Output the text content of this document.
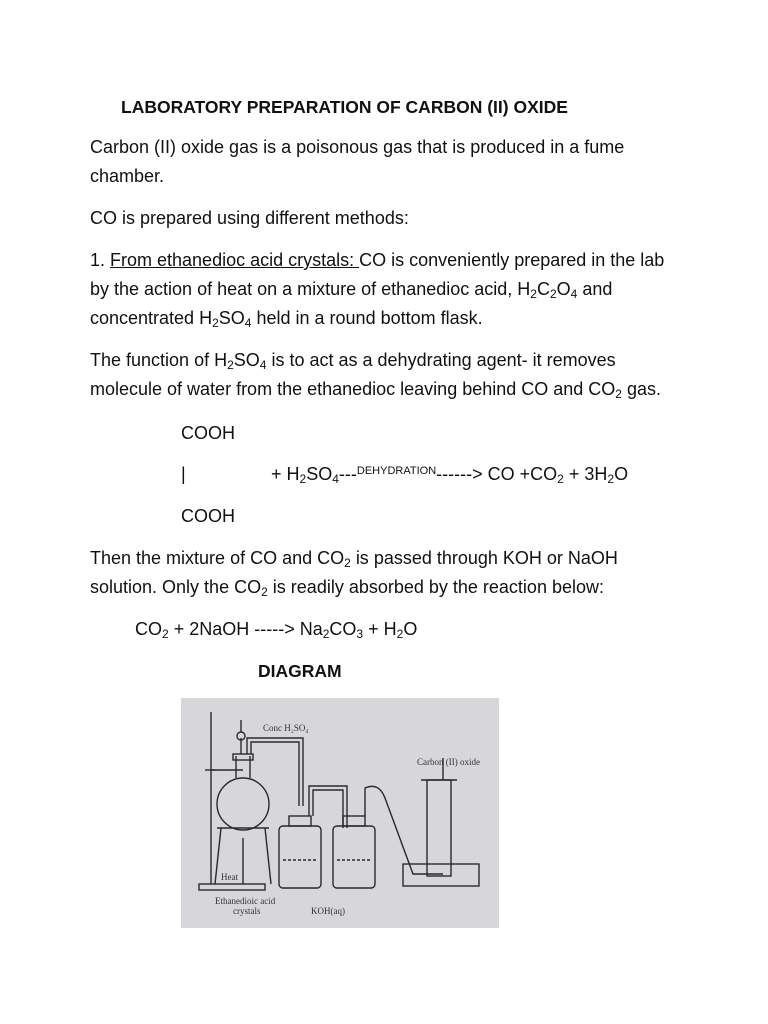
LABORATORY PREPARATION OF CARBON (II) OXIDE
Carbon (II) oxide gas is a poisonous gas that is produced in a fume
chamber.
CO is prepared using different methods:
1. From ethanedioc acid crystals: CO is conveniently prepared in the lab
by the action of heat on a mixture of ethanedioc acid, $H_2C_2O_4$ and
concentrated $H_2SO_4$ held in a round bottom flask.
The function of $H_2SO_4$ is to act as a dehydrating agent- it removes
molecule of water from the ethanedioc leaving behind CO and $CO_2$ gas.
COOH
|	+ $H_2SO_4---^{DEHYDRATION}------>$ CO $+CO_2 + 3H_2O$
COOH
Then the mixture of CO and $CO_2$ is passed through KOH or NaOH
solution. Only the $CO_2$ is readily absorbed by the reaction below:
$CO_2$ + 2NaOH -----> $Na_2CO_3 + H_2O$
DIAGRAM
Conc H₂SO₄
Carbon (II) oxide
Heat
Ethanedioic acid
crystals	KOH(aq)
